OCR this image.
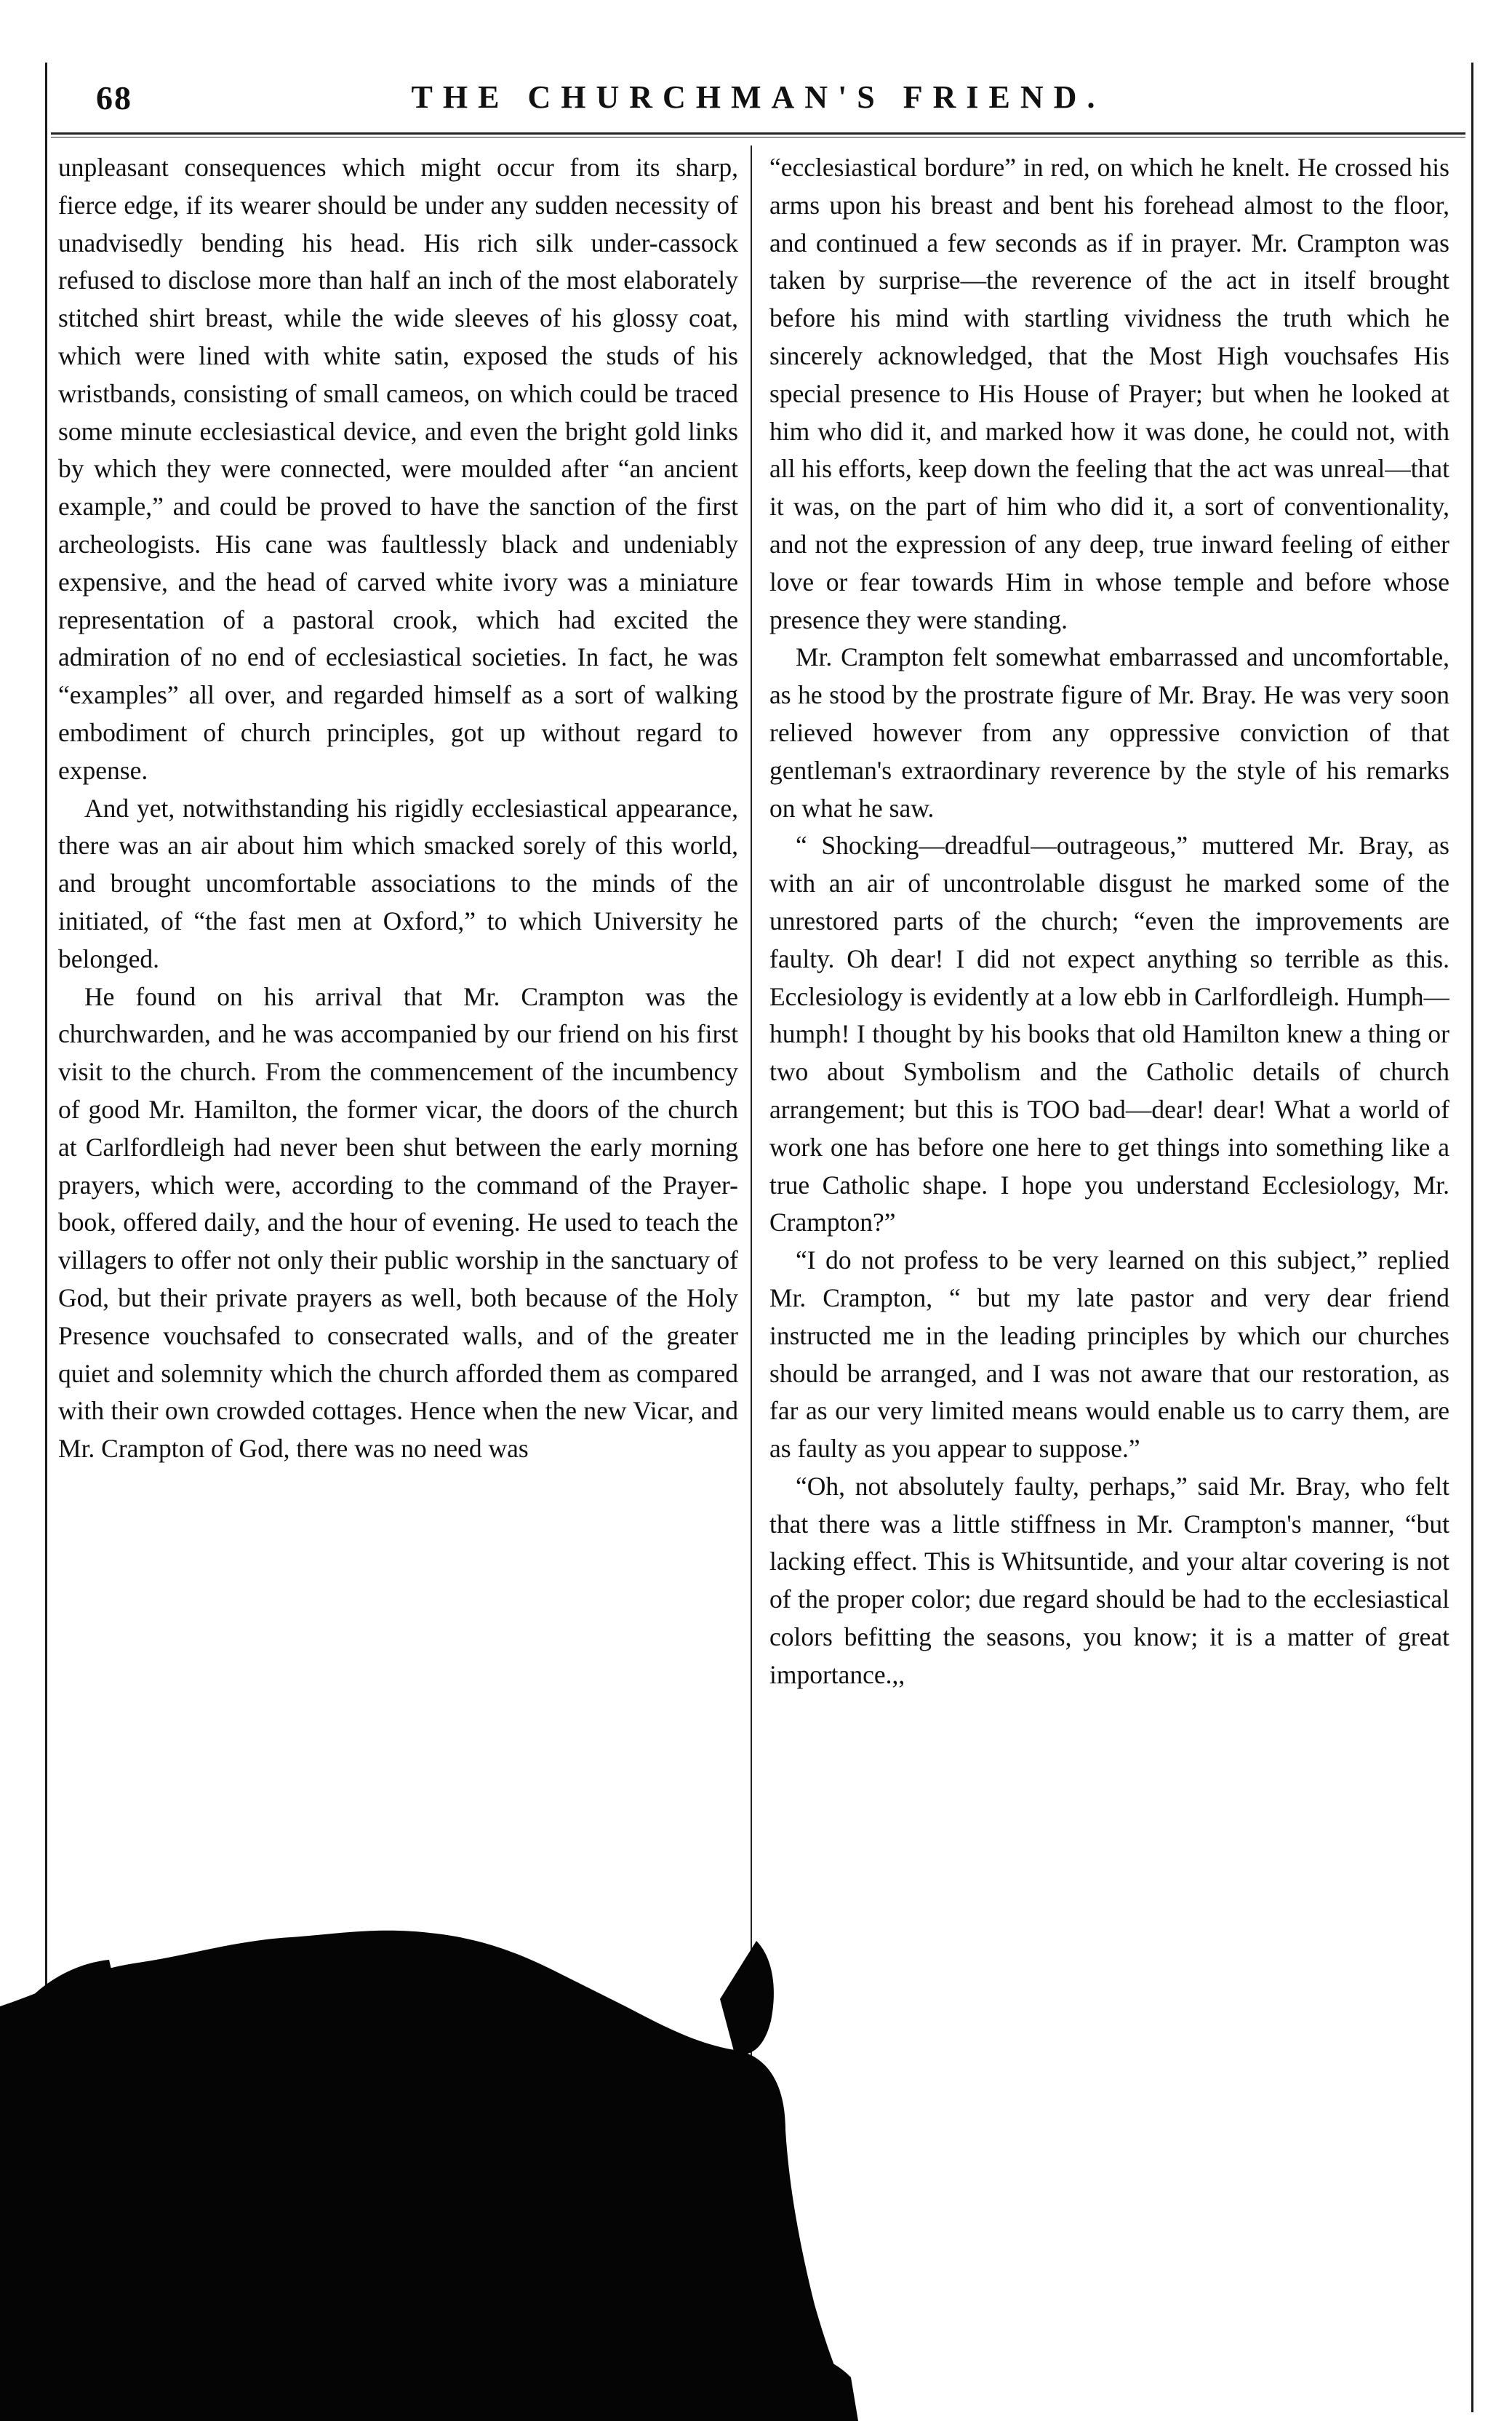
68	THE CHURCHMAN'S FRIEND.

unpleasant consequences which might occur from its sharp, fierce edge, if its wearer should be under any sudden necessity of unadvisedly bending his head. His rich silk under-cassock refused to disclose more than half an inch of the most elaborately stitched shirt breast, while the wide sleeves of his glossy coat, which were lined with white satin, exposed the studs of his wristbands, consisting of small cameos, on which could be traced some minute ecclesiastical device, and even the bright gold links by which they were connected, were moulded after “an ancient example,” and could be proved to have the sanction of the first archeologists. His cane was faultlessly black and undeniably expensive, and the head of carved white ivory was a miniature representation of a pastoral crook, which had excited the admiration of no end of ecclesiastical societies. In fact, he was “examples” all over, and regarded himself as a sort of walking embodiment of church principles, got up without regard to expense.

And yet, notwithstanding his rigidly ecclesiastical appearance, there was an air about him which smacked sorely of this world, and brought uncomfortable associations to the minds of the initiated, of “the fast men at Oxford,” to which University he belonged.

He found on his arrival that Mr. Crampton was the churchwarden, and he was accompanied by our friend on his first visit to the church. From the commencement of the incumbency of good Mr. Hamilton, the former vicar, the doors of the church at Carlfordleigh had never been shut between the early morning prayers, which were, according to the command of the Prayer-book, offered daily, and the hour of evening. He used to teach the villagers to offer not only their public worship in the sanctuary of God, but their private prayers as well, both because of the Holy Presence vouchsafed to consecrated walls, and of the greater quiet and solemnity which the church afforded them as compared with their own crowded cottages. Hence when the new Vicar, and Mr. Crampton of God, there was no need was

“ecclesiastical bordure” in red, on which he knelt. He crossed his arms upon his breast and bent his forehead almost to the floor, and continued a few seconds as if in prayer. Mr. Crampton was taken by surprise—the reverence of the act in itself brought before his mind with startling vividness the truth which he sincerely acknowledged, that the Most High vouchsafes His special presence to His House of Prayer; but when he looked at him who did it, and marked how it was done, he could not, with all his efforts, keep down the feeling that the act was unreal—that it was, on the part of him who did it, a sort of conventionality, and not the expression of any deep, true inward feeling of either love or fear towards Him in whose temple and before whose presence they were standing.

Mr. Crampton felt somewhat embarrassed and uncomfortable, as he stood by the prostrate figure of Mr. Bray. He was very soon relieved however from any oppressive conviction of that gentleman's extraordinary reverence by the style of his remarks on what he saw.

“ Shocking—dreadful—outrageous,” muttered Mr. Bray, as with an air of uncontrolable disgust he marked some of the unrestored parts of the church; “even the improvements are faulty. Oh dear! I did not expect anything so terrible as this. Ecclesiology is evidently at a low ebb in Carlfordleigh. Humph—humph! I thought by his books that old Hamilton knew a thing or two about Symbolism and the Catholic details of church arrangement; but this is TOO bad—dear! dear! What a world of work one has before one here to get things into something like a true Catholic shape. I hope you understand Ecclesiology, Mr. Crampton?”

“I do not profess to be very learned on this subject,” replied Mr. Crampton, “ but my late pastor and very dear friend instructed me in the leading principles by which our churches should be arranged, and I was not aware that our restoration, as far as our very limited means would enable us to carry them, are as faulty as you appear to suppose.”

“Oh, not absolutely faulty, perhaps,” said Mr. Bray, who felt that there was a little stiffness in Mr. Crampton's manner, “but lacking effect. This is Whitsuntide, and your altar covering is not of the proper color; due regard should be had to the ecclesiastical colors befitting the seasons, you know; it is a matter of great importance.,,
